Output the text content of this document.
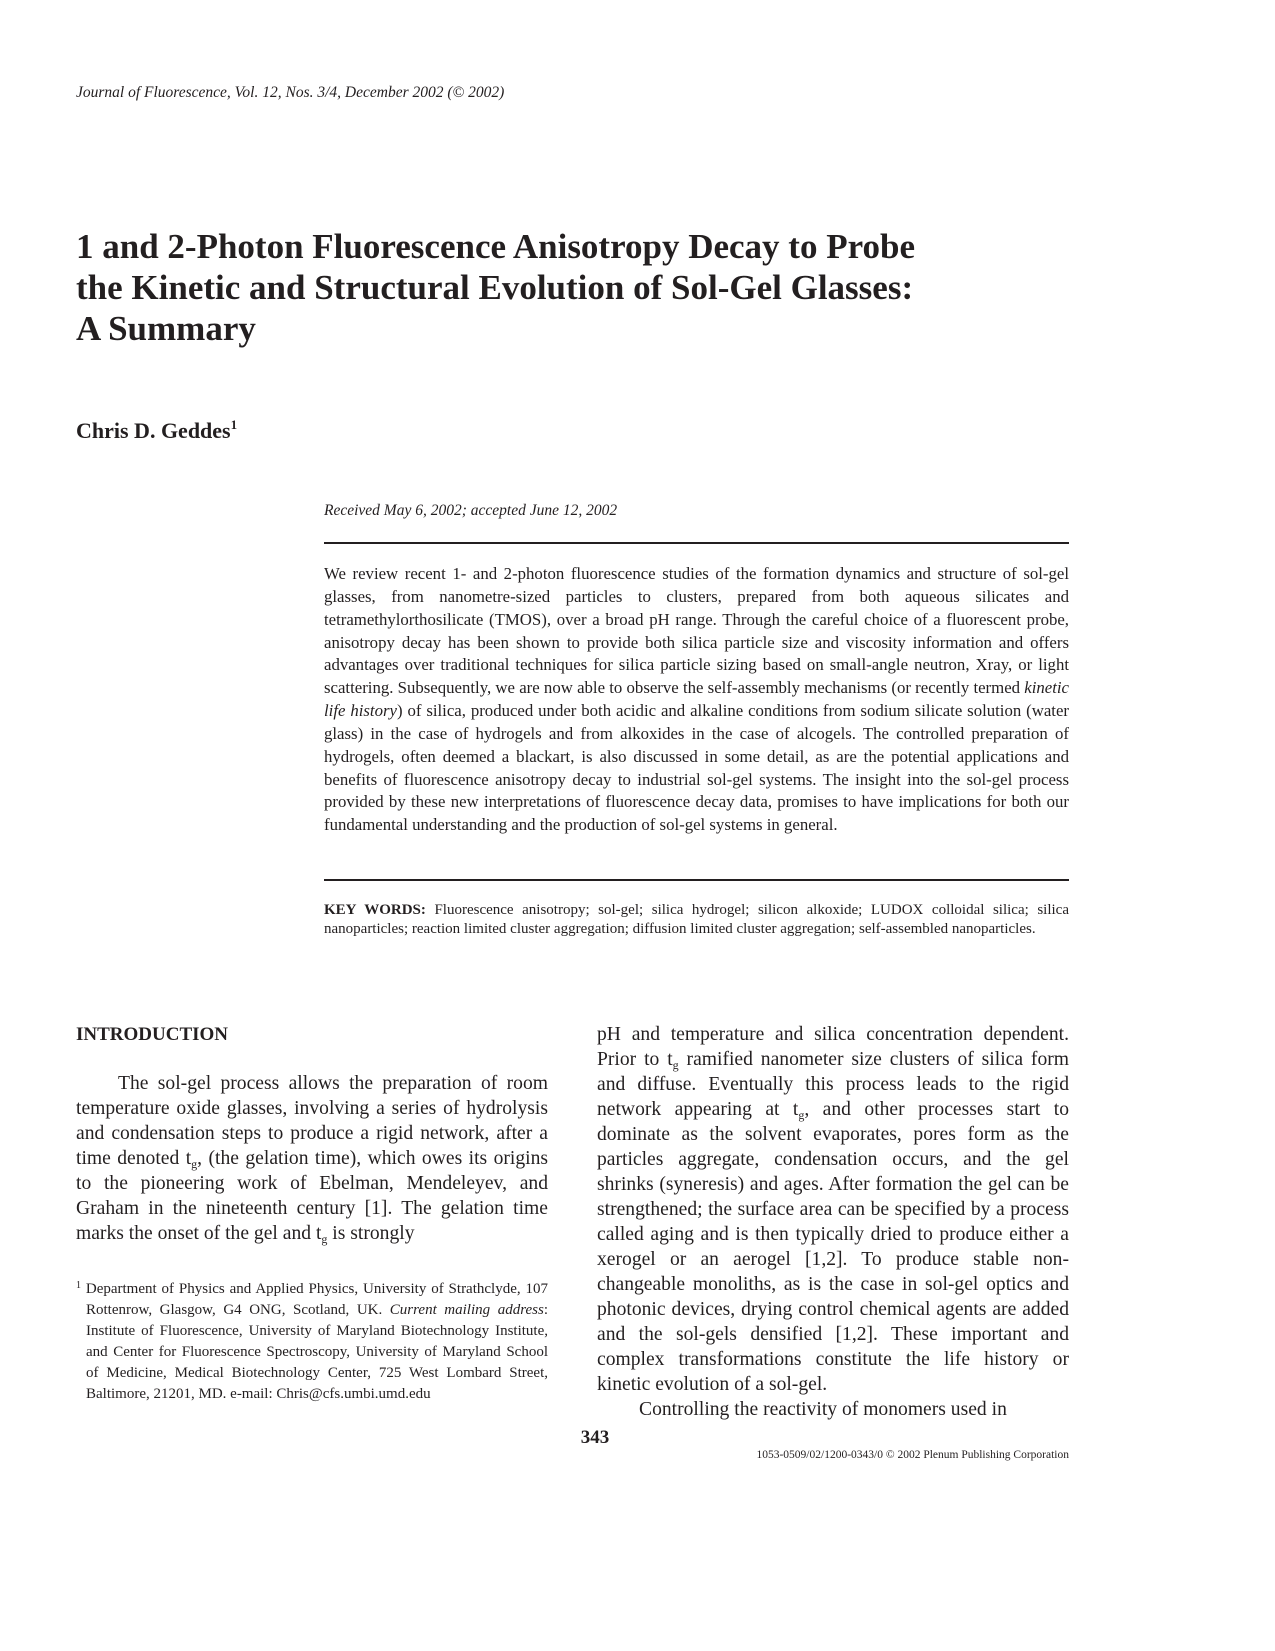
Journal of Fluorescence, Vol. 12, Nos. 3/4, December 2002 (© 2002)
1 and 2-Photon Fluorescence Anisotropy Decay to Probe
the Kinetic and Structural Evolution of Sol-Gel Glasses:
A Summary
Chris D. Geddes$^1$
Received May 6, 2002; accepted June 12, 2002
We review recent 1- and 2-photon fluorescence studies of the formation dynamics and structure of sol-gel glasses, from nanometre-sized particles to clusters, prepared from both aqueous silicates and tetramethylorthosilicate (TMOS), over a broad pH range. Through the careful choice of a fluorescent probe, anisotropy decay has been shown to provide both silica particle size and viscosity information and offers advantages over traditional techniques for silica particle sizing based on small-angle neutron, Xray, or light scattering. Subsequently, we are now able to observe the self-assembly mechanisms (or recently termed kinetic life history) of silica, produced under both acidic and alkaline conditions from sodium silicate solution (water glass) in the case of hydrogels and from alkoxides in the case of alcogels. The controlled preparation of hydrogels, often deemed a blackart, is also discussed in some detail, as are the potential applications and benefits of fluorescence anisotropy decay to industrial sol-gel systems. The insight into the sol-gel process provided by these new interpretations of fluorescence decay data, promises to have implications for both our fundamental understanding and the production of sol-gel systems in general.
KEY WORDS: Fluorescence anisotropy; sol-gel; silica hydrogel; silicon alkoxide; LUDOX colloidal silica; silica nanoparticles; reaction limited cluster aggregation; diffusion limited cluster aggregation; self-assembled nanoparticles.
INTRODUCTION

The sol-gel process allows the preparation of room temperature oxide glasses, involving a series of hydrolysis and condensation steps to produce a rigid network, after a time denoted $t_g$, (the gelation time), which owes its origins to the pioneering work of Ebelman, Mendeleyev, and Graham in the nineteenth century [1]. The gelation time marks the onset of the gel and $t_g$ is strongly

$^1$ Department of Physics and Applied Physics, University of Strathclyde, 107 Rottenrow, Glasgow, G4 ONG, Scotland, UK. Current mailing address: Institute of Fluorescence, University of Maryland Biotechnology Institute, and Center for Fluorescence Spectroscopy, University of Maryland School of Medicine, Medical Biotechnology Center, 725 West Lombard Street, Baltimore, 21201, MD. e-mail: Chris@cfs.umbi.umd.edu

pH and temperature and silica concentration dependent. Prior to $t_g$ ramified nanometer size clusters of silica form and diffuse. Eventually this process leads to the rigid network appearing at $t_g$, and other processes start to dominate as the solvent evaporates, pores form as the particles aggregate, condensation occurs, and the gel shrinks (syneresis) and ages. After formation the gel can be strengthened; the surface area can be specified by a process called aging and is then typically dried to produce either a xerogel or an aerogel [1,2]. To produce stable non-changeable monoliths, as is the case in sol-gel optics and photonic devices, drying control chemical agents are added and the sol-gels densified [1,2]. These important and complex transformations constitute the life history or kinetic evolution of a sol-gel.

Controlling the reactivity of monomers used in

343
1053-0509/02/1200-0343/0 © 2002 Plenum Publishing Corporation
